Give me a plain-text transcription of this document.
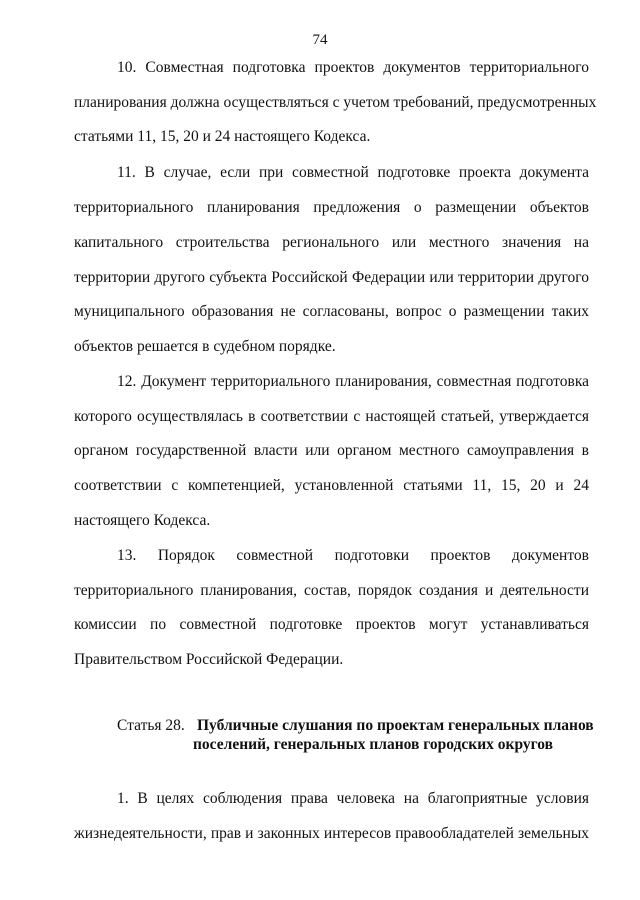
74
10. Совместная подготовка проектов документов территориального
планирования должна осуществляться с учетом требований, предусмотренных
статьями 11, 15, 20 и 24 настоящего Кодекса.
11. В случае, если при совместной подготовке проекта документа
территориального планирования предложения о размещении объектов
капитального строительства регионального или местного значения на
территории другого субъекта Российской Федерации или территории другого
муниципального образования не согласованы, вопрос о размещении таких
объектов решается в судебном порядке.
12. Документ территориального планирования, совместная подготовка
которого осуществлялась в соответствии с настоящей статьей, утверждается
органом государственной власти или органом местного самоуправления в
соответствии с компетенцией, установленной статьями 11, 15, 20 и 24
настоящего Кодекса.
13. Порядок совместной подготовки проектов документов
территориального планирования, состав, порядок создания и деятельности
комиссии по совместной подготовке проектов могут устанавливаться
Правительством Российской Федерации.
Статья 28. Публичные слушания по проектам генеральных планов
поселений, генеральных планов городских округов
1. В целях соблюдения права человека на благоприятные условия
жизнедеятельности, прав и законных интересов правообладателей земельных
